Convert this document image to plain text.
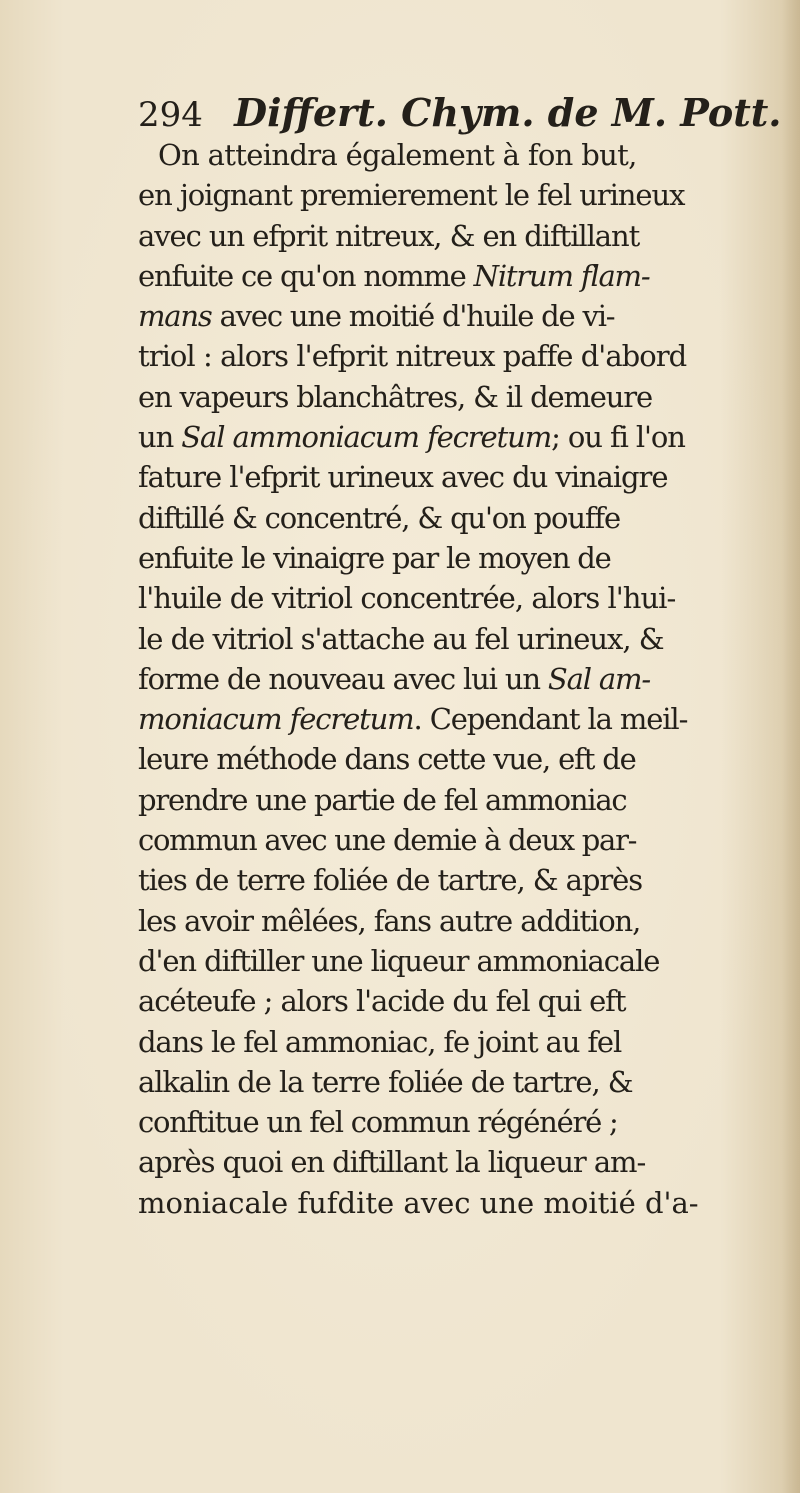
294 Differt. Chym. de M. Pott.
On atteindra également à fon but,
en joignant premierement le fel urineux
avec un efprit nitreux, & en diftillant
enfuite ce qu'on nomme Nitrum flam-
mans avec une moitié d'huile de vi-
triol : alors l'efprit nitreux paffe d'abord
en vapeurs blanchâtres, & il demeure
un Sal ammoniacum fecretum; ou fi l'on
fature l'efprit urineux avec du vinaigre
diftillé & concentré, & qu'on pouffe
enfuite le vinaigre par le moyen de
l'huile de vitriol concentrée, alors l'hui-
le de vitriol s'attache au fel urineux, &
forme de nouveau avec lui un Sal am-
moniacum fecretum. Cependant la meil-
leure méthode dans cette vue, eft de
prendre une partie de fel ammoniac
commun avec une demie à deux par-
ties de terre foliée de tartre, & après
les avoir mêlées, fans autre addition,
d'en diftiller une liqueur ammoniacale
acéteufe ; alors l'acide du fel qui eft
dans le fel ammoniac, fe joint au fel
alkalin de la terre foliée de tartre, &
conftitue un fel commun régénéré ;
après quoi en diftillant la liqueur am-
moniacale fufdite avec une moitié d'a-
